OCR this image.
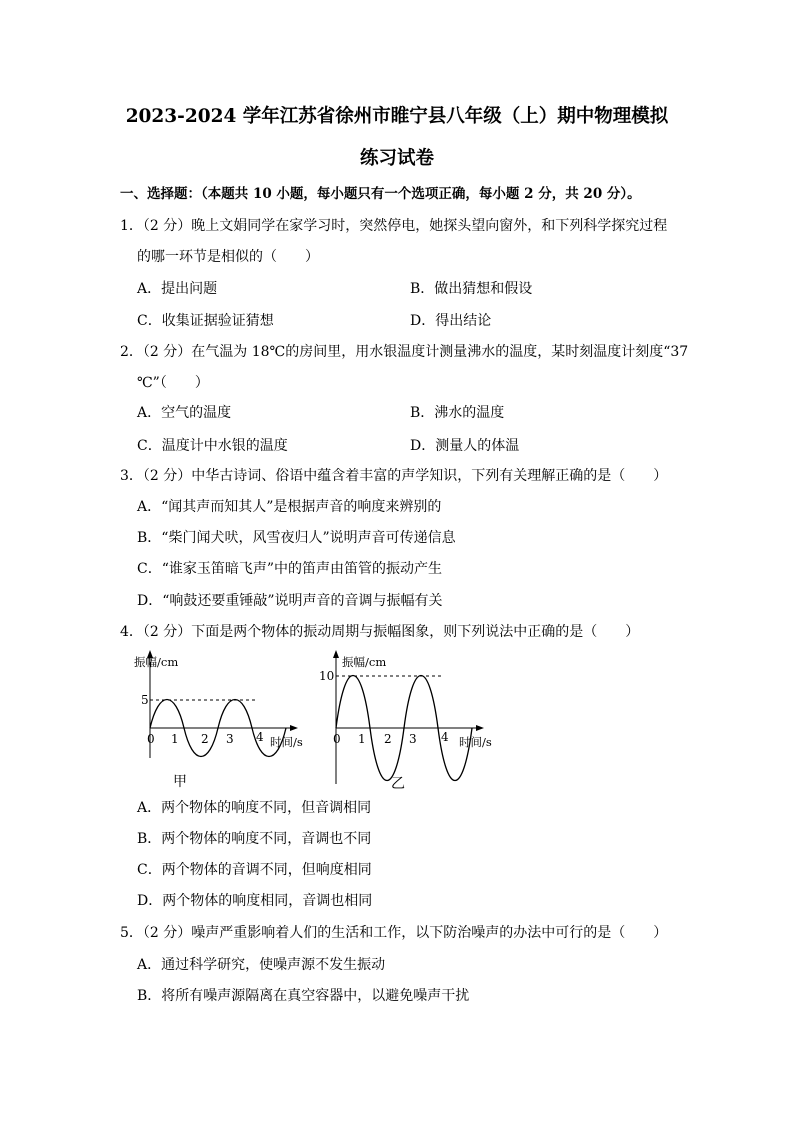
2023-2024 学年江苏省徐州市睢宁县八年级（上）期中物理模拟
练习试卷
一、选择题：（本题共 10 小题，每小题只有一个选项正确，每小题 2 分，共 20 分）。
1．（2 分）晚上文娟同学在家学习时，突然停电，她探头望向窗外，和下列科学探究过程
的哪一环节是相似的（　　）
A．提出问题	B．做出猜想和假设
C．收集证据验证猜想	D．得出结论
2．（2 分）在气温为 18℃的房间里，用水银温度计测量沸水的温度，某时刻温度计刻度“37
℃”（　　）
A．空气的温度	B．沸水的温度
C．温度计中水银的温度	D．测量人的体温
3．（2 分）中华古诗词、俗语中蕴含着丰富的声学知识，下列有关理解正确的是（　　）
A．“闻其声而知其人”是根据声音的响度来辨别的
B．“柴门闻犬吠，风雪夜归人”说明声音可传递信息
C．“谁家玉笛暗飞声”中的笛声由笛管的振动产生
D．“响鼓还要重锤敲”说明声音的音调与振幅有关
4．（2 分）下面是两个物体的振动周期与振幅图象，则下列说法中正确的是（　　）
振幅/cm
5
0 1 2 3 4 时间/s
甲
振幅/cm
10
0 1 2 3 4 时间/s
乙
A．两个物体的响度不同，但音调相同
B．两个物体的响度不同，音调也不同
C．两个物体的音调不同，但响度相同
D．两个物体的响度相同，音调也相同
5．（2 分）噪声严重影响着人们的生活和工作，以下防治噪声的办法中可行的是（　　）
A．通过科学研究，使噪声源不发生振动
B．将所有噪声源隔离在真空容器中，以避免噪声干扰
